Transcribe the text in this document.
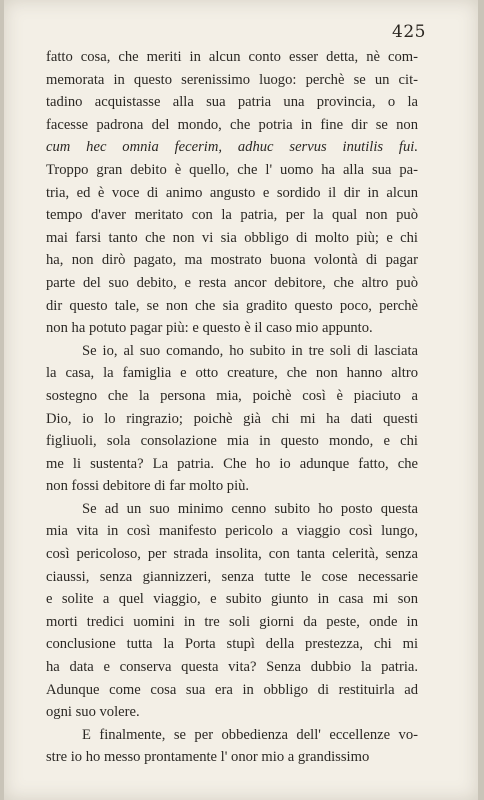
425
fatto cosa, che meriti in alcun conto esser detta, nè com-
memorata in questo serenissimo luogo: perchè se un cit-
tadino acquistasse alla sua patria una provincia, o la
facesse padrona del mondo, che potria in fine dir se non
cum hec omnia fecerim, adhuc servus inutilis fui.
Troppo gran debito è quello, che l' uomo ha alla sua pa-
tria, ed è voce di animo angusto e sordido il dir in alcun
tempo d'aver meritato con la patria, per la qual non può
mai farsi tanto che non vi sia obbligo di molto più; e chi
ha, non dirò pagato, ma mostrato buona volontà di pagar
parte del suo debito, e resta ancor debitore, che altro può
dir questo tale, se non che sia gradito questo poco, perchè
non ha potuto pagar più: e questo è il caso mio appunto.
Se io, al suo comando, ho subito in tre soli di lasciata
la casa, la famiglia e otto creature, che non hanno altro
sostegno che la persona mia, poichè così è piaciuto a
Dio, io lo ringrazio; poichè già chi mi ha dati questi
figliuoli, sola consolazione mia in questo mondo, e chi
me li sustenta? La patria. Che ho io adunque fatto, che
non fossi debitore di far molto più.
Se ad un suo minimo cenno subito ho posto questa
mia vita in così manifesto pericolo a viaggio così lungo,
così pericoloso, per strada insolita, con tanta celerità, senza
ciaussi, senza giannizzeri, senza tutte le cose necessarie
e solite a quel viaggio, e subito giunto in casa mi son
morti tredici uomini in tre soli giorni da peste, onde in
conclusione tutta la Porta stupì della prestezza, chi mi
ha data e conserva questa vita? Senza dubbio la patria.
Adunque come cosa sua era in obbligo di restituirla ad
ogni suo volere.
E finalmente, se per obbedienza dell' eccellenze vo-
stre io ho messo prontamente l' onor mio a grandissimo
